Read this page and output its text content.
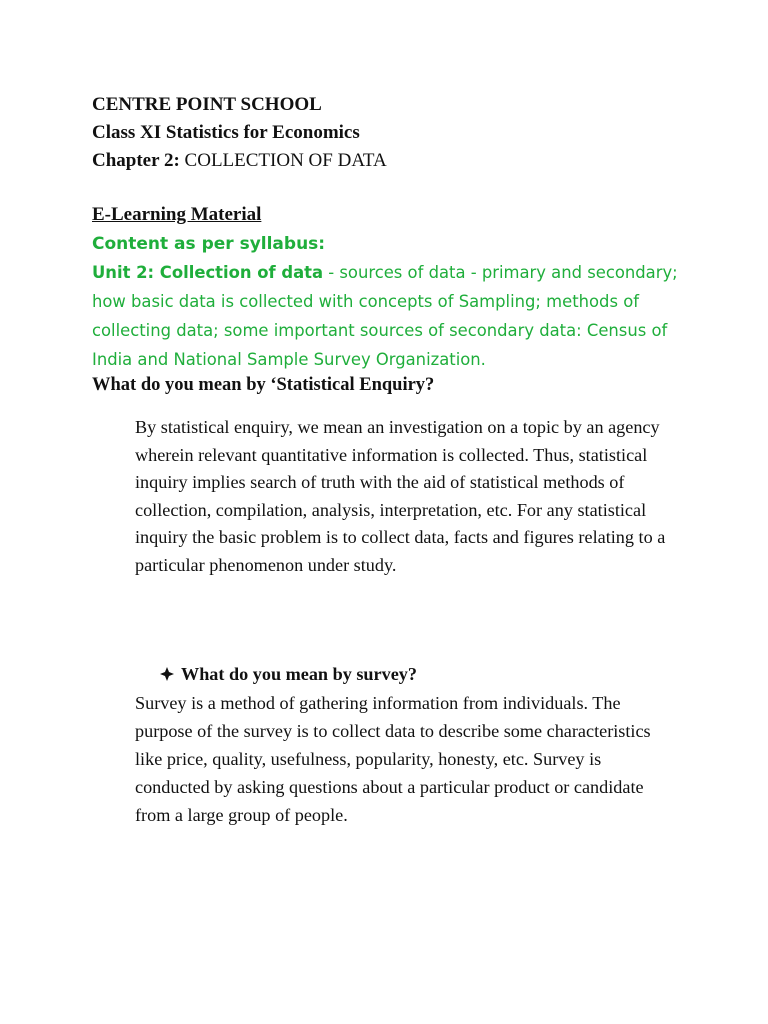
CENTRE POINT SCHOOL
Class XI Statistics for Economics
Chapter 2: COLLECTION OF DATA
E-Learning Material
Content as per syllabus:
Unit 2: Collection of data - sources of data - primary and secondary; how basic data is collected with concepts of Sampling; methods of collecting data; some important sources of secondary data: Census of India and National Sample Survey Organization.
What do you mean by ‘Statistical Enquiry?
By statistical enquiry, we mean an investigation on a topic by an agency wherein relevant quantitative information is collected. Thus, statistical inquiry implies search of truth with the aid of statistical methods of collection, compilation, analysis, interpretation, etc. For any statistical inquiry the basic problem is to collect data, facts and figures relating to a particular phenomenon under study.
What do you mean by survey?
Survey is a method of gathering information from individuals. The purpose of the survey is to collect data to describe some characteristics like price, quality, usefulness, popularity, honesty, etc. Survey is conducted by asking questions about a particular product or candidate from a large group of people.
